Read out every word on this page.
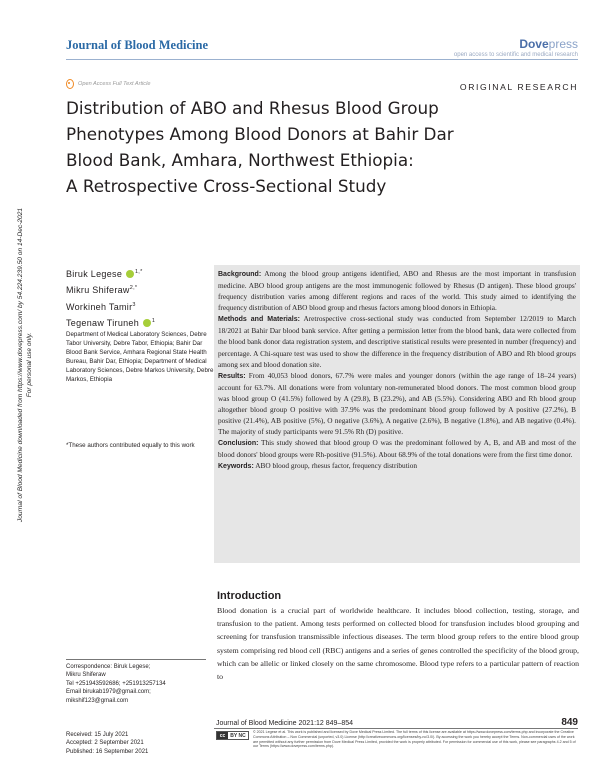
Journal of Blood Medicine downloaded from https://www.dovepress.com/ by 54.224.239.50 on 14-Dec-2021 For personal use only.
Journal of Blood Medicine	Dovepress
open access to scientific and medical research
Open Access Full Text Article	ORIGINAL RESEARCH
Distribution of ABO and Rhesus Blood Group
Phenotypes Among Blood Donors at Bahir Dar
Blood Bank, Amhara, Northwest Ethiopia:
A Retrospective Cross-Sectional Study
Biruk Legese $^{1,*}$
Mikru Shiferaw$^{2,*}$
Workineh Tamir$^3$
Tegenaw Tiruneh $^1$
Department of Medical Laboratory Sciences, Debre Tabor University, Debre Tabor, Ethiopia; Bahir Dar Blood Bank Service, Amhara Regional State Health Bureau, Bahir Dar, Ethiopia; Department of Medical Laboratory Sciences, Debre Markos University, Debre Markos, Ethiopia
*These authors contributed equally to this work

Background: Among the blood group antigens identified, ABO and Rhesus are the most important in transfusion medicine. ABO blood group antigens are the most immunogenic followed by Rhesus (D antigen). These blood groups' frequency distribution varies among different regions and races of the world. This study aimed to identifying the frequency distribution of ABO blood group and rhesus factors among blood donors in Ethiopia.

Methods and Materials: Aretrospective cross-sectional study was conducted from September 12/2019 to March 18/2021 at Bahir Dar blood bank service. After getting a permission letter from the blood bank, data were collected from the blood bank donor data registration system, and descriptive statistical results were presented in number (frequency) and percentage. A Chi-square test was used to show the difference in the frequency distribution of ABO and Rh blood groups among sex and blood donation site.

Results: From 40,053 blood donors, 67.7% were males and younger donors (within the age range of 18–24 years) account for 63.7%. All donations were from voluntary non-remunerated blood donors. The most common blood group was blood group O (41.5%) followed by A (29.8), B (23.2%), and AB (5.5%). Considering ABO and Rh blood group altogether blood group O positive with 37.9% was the predominant blood group followed by A positive (27.2%), B positive (21.4%), AB positive (5%), O negative (3.6%), A negative (2.6%), B negative (1.8%), and AB negative (0.4%). The majority of study participants were 91.5% Rh (D) positive.

Conclusion: This study showed that blood group O was the predominant followed by A, B, and AB and most of the blood donors' blood groups were Rh-positive (91.5%). About 68.9% of the total donations were from the first time donor.

Keywords: ABO blood group, rhesus factor, frequency distribution

Introduction
Blood donation is a crucial part of worldwide healthcare. It includes blood collection, testing, storage, and transfusion to the patient. Among tests performed on collected blood for transfusion includes blood grouping and screening for transfusion transmissible infectious diseases. The term blood group refers to the entire blood group system comprising red blood cell (RBC) antigens and a series of genes controlled the specificity of the blood group, which can be allelic or linked closely on the same chromosome. Blood type refers to a particular pattern of reaction to
Correspondence: Biruk Legese;
Mikru Shiferaw
Tel +251943592686; +251913257134
Email birukab1979@gmail.com;
mikshif123@gmail.com
Received: 15 July 2021
Accepted: 2 September 2021
Published: 16 September 2021
Journal of Blood Medicine 2021:12 849–854	849
cc BY NC
© 2021 Legese et al. This work is published and licensed by Dove Medical Press Limited. The full terms of this license are available at https://www.dovepress.com/terms.php and incorporate the Creative Commons Attribution – Non Commercial (unported, v3.0) License (http://creativecommons.org/licenses/by-nc/3.0/). By accessing the work you hereby accept the Terms. Non-commercial uses of the work are permitted without any further permission from Dove Medical Press Limited, provided the work is properly attributed. For permission for commercial use of this work, please see paragraphs 4.2 and 5 of our Terms (https://www.dovepress.com/terms.php).
